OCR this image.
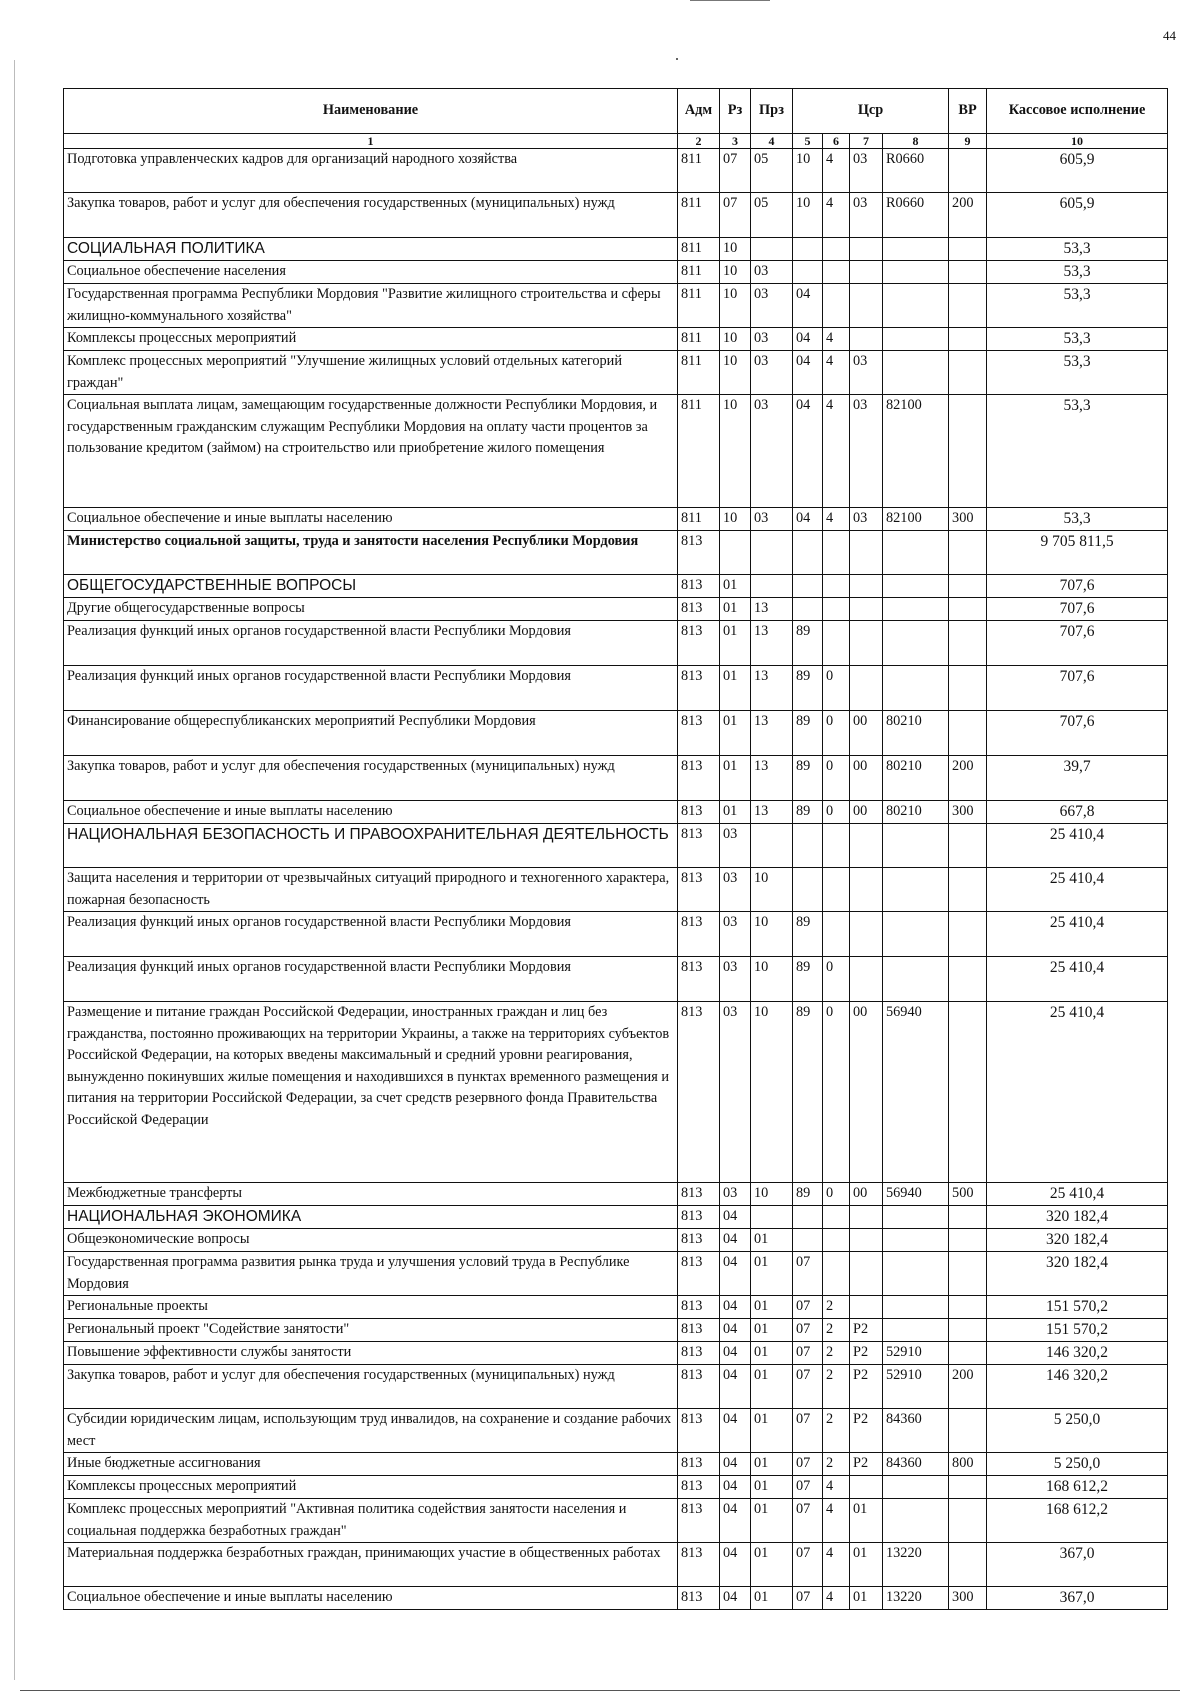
44
Наименование	Адм	Рз	Прз	Цср				ВР	Кассовое исполнение
1	2	3	4	5	6	7	8	9	10
Подготовка управленческих кадров для организаций народного хозяйства	811	07	05	10	4	03	R0660		605,9
Закупка товаров, работ и услуг для обеспечения государственных (муниципальных) нужд	811	07	05	10	4	03	R0660	200	605,9
СОЦИАЛЬНАЯ ПОЛИТИКА	811	10							53,3
Социальное обеспечение населения	811	10	03						53,3
Государственная программа Республики Мордовия "Развитие жилищного строительства и сферы жилищно-коммунального хозяйства"	811	10	03	04					53,3
Комплексы процессных мероприятий	811	10	03	04	4				53,3
Комплекс процессных мероприятий "Улучшение жилищных условий отдельных категорий граждан"	811	10	03	04	4	03			53,3
Социальная выплата лицам, замещающим государственные должности Республики Мордовия, и государственным гражданским служащим Республики Мордовия на оплату части процентов за пользование кредитом (займом) на строительство или приобретение жилого помещения	811	10	03	04	4	03	82100		53,3
Социальное обеспечение и иные выплаты населению	811	10	03	04	4	03	82100	300	53,3
Министерство социальной защиты, труда и занятости населения Республики Мордовия	813								9 705 811,5
ОБЩЕГОСУДАРСТВЕННЫЕ ВОПРОСЫ	813	01							707,6
Другие общегосударственные вопросы	813	01	13						707,6
Реализация функций иных органов государственной власти Республики Мордовия	813	01	13	89					707,6
Реализация функций иных органов государственной власти Республики Мордовия	813	01	13	89	0				707,6
Финансирование общереспубликанских мероприятий Республики Мордовия	813	01	13	89	0	00	80210		707,6
Закупка товаров, работ и услуг для обеспечения государственных (муниципальных) нужд	813	01	13	89	0	00	80210	200	39,7
Социальное обеспечение и иные выплаты населению	813	01	13	89	0	00	80210	300	667,8
НАЦИОНАЛЬНАЯ БЕЗОПАСНОСТЬ И ПРАВООХРАНИТЕЛЬНАЯ ДЕЯТЕЛЬНОСТЬ	813	03							25 410,4
Защита населения и территории от чрезвычайных ситуаций природного и техногенного характера, пожарная безопасность	813	03	10						25 410,4
Реализация функций иных органов государственной власти Республики Мордовия	813	03	10	89					25 410,4
Реализация функций иных органов государственной власти Республики Мордовия	813	03	10	89	0				25 410,4
Размещение и питание граждан Российской Федерации, иностранных граждан и лиц без гражданства, постоянно проживающих на территории Украины, а также на территориях субъектов Российской Федерации, на которых введены максимальный и средний уровни реагирования, вынужденно покинувших жилые помещения и находившихся в пунктах временного размещения и питания на территории Российской Федерации, за счет средств резервного фонда Правительства Российской Федерации	813	03	10	89	0	00	56940		25 410,4
Межбюджетные трансферты	813	03	10	89	0	00	56940	500	25 410,4
НАЦИОНАЛЬНАЯ ЭКОНОМИКА	813	04							320 182,4
Общеэкономические вопросы	813	04	01						320 182,4
Государственная программа развития рынка труда и улучшения условий труда в Республике Мордовия	813	04	01	07					320 182,4
Региональные проекты	813	04	01	07	2				151 570,2
Региональный проект "Содействие занятости"	813	04	01	07	2	P2			151 570,2
Повышение эффективности службы занятости	813	04	01	07	2	P2	52910		146 320,2
Закупка товаров, работ и услуг для обеспечения государственных (муниципальных) нужд	813	04	01	07	2	P2	52910	200	146 320,2
Субсидии юридическим лицам, использующим труд инвалидов, на сохранение и создание рабочих мест	813	04	01	07	2	P2	84360		5 250,0
Иные бюджетные ассигнования	813	04	01	07	2	P2	84360	800	5 250,0
Комплексы процессных мероприятий	813	04	01	07	4				168 612,2
Комплекс процессных мероприятий "Активная политика содействия занятости населения и социальная поддержка безработных граждан"	813	04	01	07	4	01			168 612,2
Материальная поддержка безработных граждан, принимающих участие в общественных работах	813	04	01	07	4	01	13220		367,0
Социальное обеспечение и иные выплаты населению	813	04	01	07	4	01	13220	300	367,0
